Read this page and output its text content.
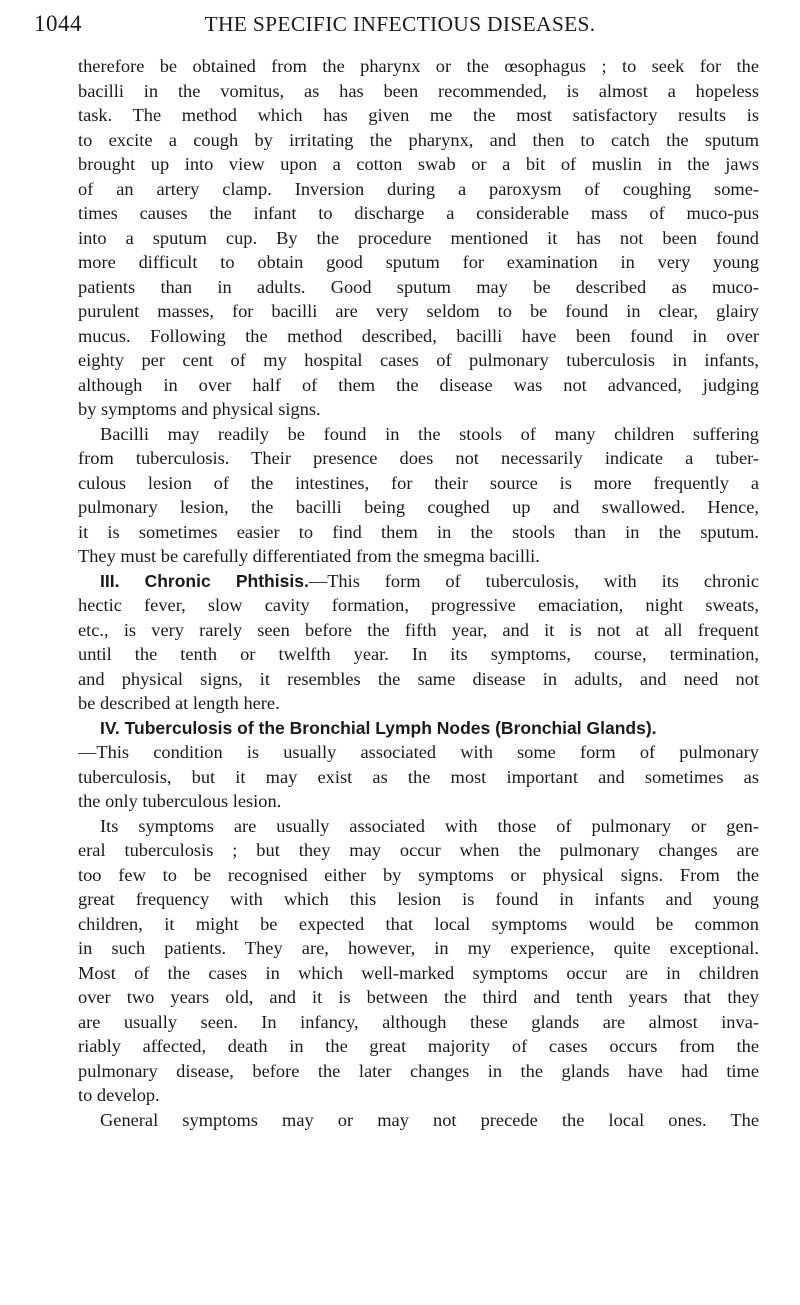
1044	THE SPECIFIC INFECTIOUS DISEASES.
therefore be obtained from the pharynx or the œsophagus ; to seek for the
bacilli in the vomitus, as has been recommended, is almost a hopeless
task. The method which has given me the most satisfactory results is
to excite a cough by irritating the pharynx, and then to catch the sputum
brought up into view upon a cotton swab or a bit of muslin in the jaws
of an artery clamp. Inversion during a paroxysm of coughing some-
times causes the infant to discharge a considerable mass of muco-pus
into a sputum cup. By the procedure mentioned it has not been found
more difficult to obtain good sputum for examination in very young
patients than in adults. Good sputum may be described as muco-
purulent masses, for bacilli are very seldom to be found in clear, glairy
mucus. Following the method described, bacilli have been found in over
eighty per cent of my hospital cases of pulmonary tuberculosis in infants,
although in over half of them the disease was not advanced, judging
by symptoms and physical signs.
Bacilli may readily be found in the stools of many children suffering
from tuberculosis. Their presence does not necessarily indicate a tuber-
culous lesion of the intestines, for their source is more frequently a
pulmonary lesion, the bacilli being coughed up and swallowed. Hence,
it is sometimes easier to find them in the stools than in the sputum.
They must be carefully differentiated from the smegma bacilli.
III. Chronic Phthisis.—This form of tuberculosis, with its chronic
hectic fever, slow cavity formation, progressive emaciation, night sweats,
etc., is very rarely seen before the fifth year, and it is not at all frequent
until the tenth or twelfth year. In its symptoms, course, termination,
and physical signs, it resembles the same disease in adults, and need not
be described at length here.
IV. Tuberculosis of the Bronchial Lymph Nodes (Bronchial Glands).
—This condition is usually associated with some form of pulmonary
tuberculosis, but it may exist as the most important and sometimes as
the only tuberculous lesion.
Its symptoms are usually associated with those of pulmonary or gen-
eral tuberculosis ; but they may occur when the pulmonary changes are
too few to be recognised either by symptoms or physical signs. From the
great frequency with which this lesion is found in infants and young
children, it might be expected that local symptoms would be common
in such patients. They are, however, in my experience, quite exceptional.
Most of the cases in which well-marked symptoms occur are in children
over two years old, and it is between the third and tenth years that they
are usually seen. In infancy, although these glands are almost inva-
riably affected, death in the great majority of cases occurs from the
pulmonary disease, before the later changes in the glands have had time
to develop.
General symptoms may or may not precede the local ones. The
